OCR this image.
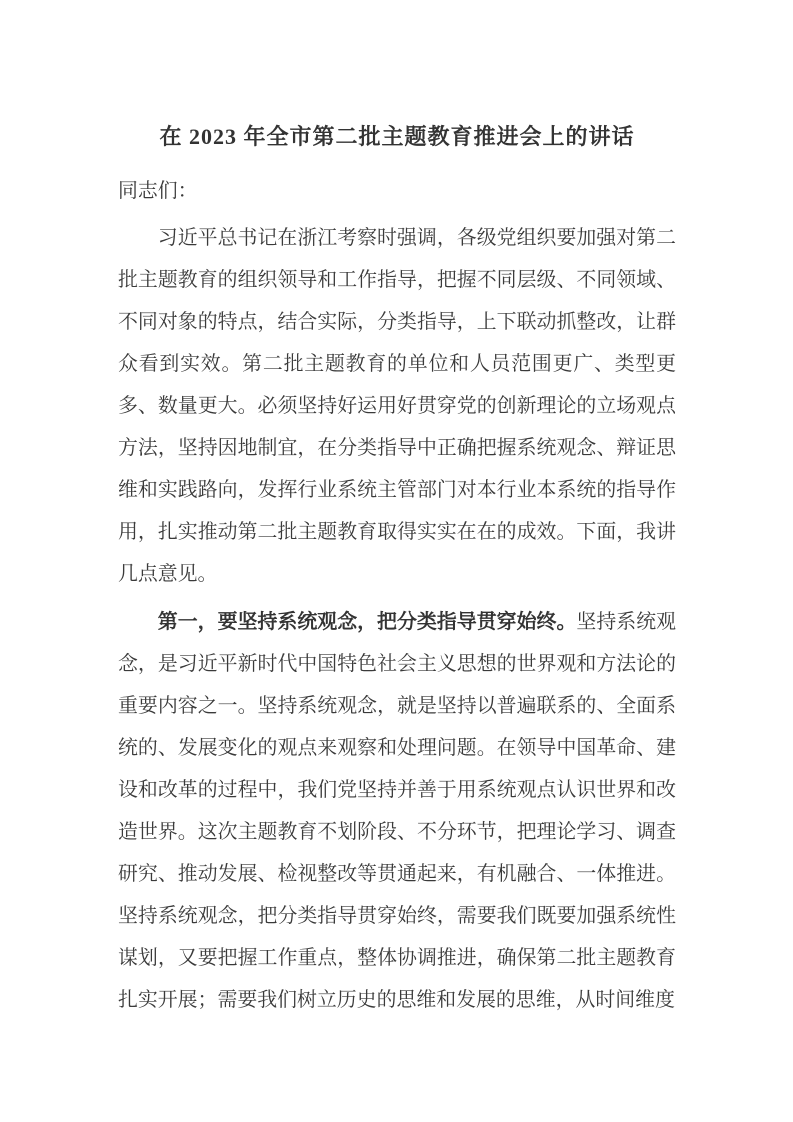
在 2023 年全市第二批主题教育推进会上的讲话

同志们：

习近平总书记在浙江考察时强调，各级党组织要加强对第二批主题教育的组织领导和工作指导，把握不同层级、不同领域、不同对象的特点，结合实际，分类指导，上下联动抓整改，让群众看到实效。第二批主题教育的单位和人员范围更广、类型更多、数量更大。必须坚持好运用好贯穿党的创新理论的立场观点方法，坚持因地制宜，在分类指导中正确把握系统观念、辩证思维和实践路向，发挥行业系统主管部门对本行业本系统的指导作用，扎实推动第二批主题教育取得实实在在的成效。下面，我讲几点意见。

第一，要坚持系统观念，把分类指导贯穿始终。坚持系统观念，是习近平新时代中国特色社会主义思想的世界观和方法论的重要内容之一。坚持系统观念，就是坚持以普遍联系的、全面系统的、发展变化的观点来观察和处理问题。在领导中国革命、建设和改革的过程中，我们党坚持并善于用系统观点认识世界和改造世界。这次主题教育不划阶段、不分环节，把理论学习、调查研究、推动发展、检视整改等贯通起来，有机融合、一体推进。坚持系统观念，把分类指导贯穿始终，需要我们既要加强系统性谋划，又要把握工作重点，整体协调推进，确保第二批主题教育扎实开展；需要我们树立历史的思维和发展的思维，从时间维度
